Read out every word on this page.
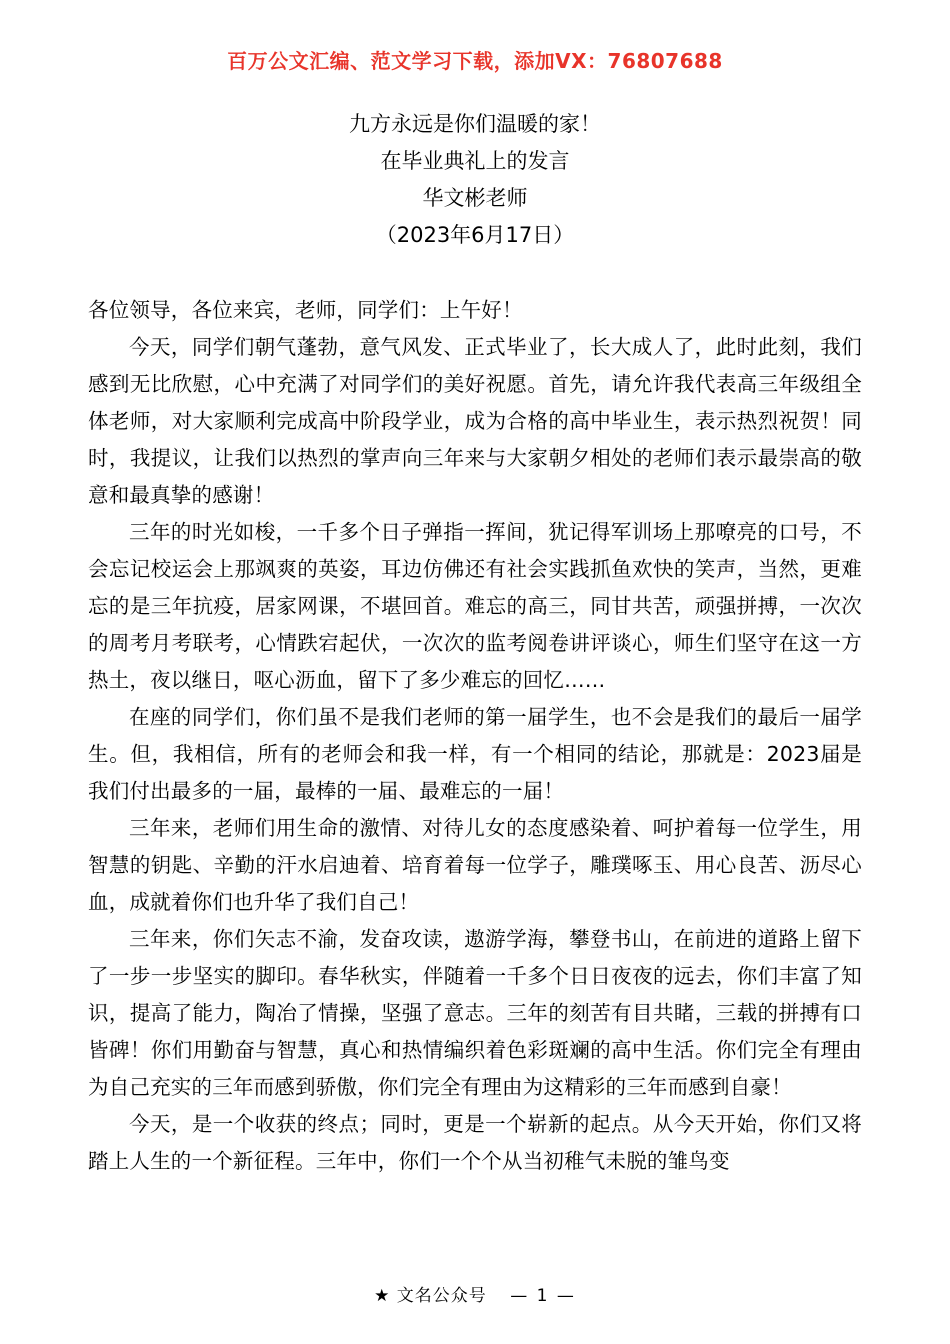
百万公文汇编、范文学习下载，添加VX：76807688
九方永远是你们温暖的家！
在毕业典礼上的发言
华文彬老师
（2023年6月17日）

各位领导，各位来宾，老师，同学们：上午好！

今天，同学们朝气蓬勃，意气风发、正式毕业了，长大成人了，此时此刻，我们感到无比欣慰，心中充满了对同学们的美好祝愿。首先，请允许我代表高三年级组全体老师，对大家顺利完成高中阶段学业，成为合格的高中毕业生，表示热烈祝贺！同时，我提议，让我们以热烈的掌声向三年来与大家朝夕相处的老师们表示最崇高的敬意和最真挚的感谢！

三年的时光如梭，一千多个日子弹指一挥间，犹记得军训场上那嘹亮的口号，不会忘记校运会上那飒爽的英姿，耳边仿佛还有社会实践抓鱼欢快的笑声，当然，更难忘的是三年抗疫，居家网课，不堪回首。难忘的高三，同甘共苦，顽强拼搏，一次次的周考月考联考，心情跌宕起伏，一次次的监考阅卷讲评谈心，师生们坚守在这一方热土，夜以继日，呕心沥血，留下了多少难忘的回忆……

在座的同学们，你们虽不是我们老师的第一届学生，也不会是我们的最后一届学生。但，我相信，所有的老师会和我一样，有一个相同的结论，那就是：2023届是我们付出最多的一届，最棒的一届、最难忘的一届！

三年来，老师们用生命的激情、对待儿女的态度感染着、呵护着每一位学生，用智慧的钥匙、辛勤的汗水启迪着、培育着每一位学子，雕璞啄玉、用心良苦、沥尽心血，成就着你们也升华了我们自己！

三年来，你们矢志不渝，发奋攻读，遨游学海，攀登书山，在前进的道路上留下了一步一步坚实的脚印。春华秋实，伴随着一千多个日日夜夜的远去，你们丰富了知识，提高了能力，陶冶了情操，坚强了意志。三年的刻苦有目共睹，三载的拼搏有口皆碑！你们用勤奋与智慧，真心和热情编织着色彩斑斓的高中生活。你们完全有理由为自己充实的三年而感到骄傲，你们完全有理由为这精彩的三年而感到自豪！

今天，是一个收获的终点；同时，更是一个崭新的起点。从今天开始，你们又将踏上人生的一个新征程。三年中，你们一个个从当初稚气未脱的雏鸟变

★ 文名公众号 — 1 —
